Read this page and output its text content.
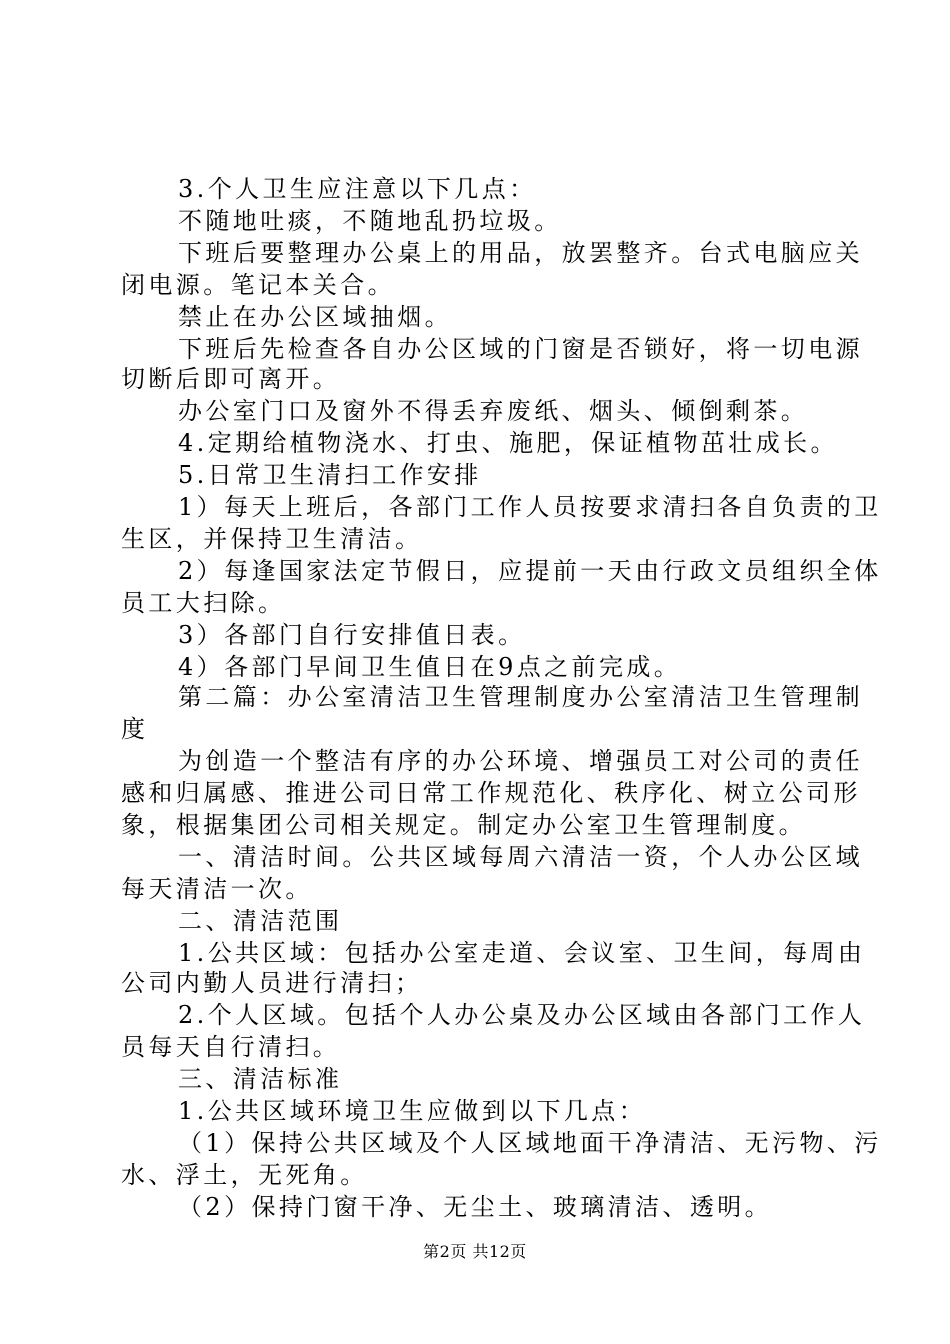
3.个人卫生应注意以下几点：
不随地吐痰，不随地乱扔垃圾。
下班后要整理办公桌上的用品，放罢整齐。台式电脑应关
闭电源。笔记本关合。
禁止在办公区域抽烟。
下班后先检查各自办公区域的门窗是否锁好，将一切电源
切断后即可离开。
办公室门口及窗外不得丢弃废纸、烟头、倾倒剩茶。
4.定期给植物浇水、打虫、施肥，保证植物茁壮成长。
5.日常卫生清扫工作安排
1）每天上班后，各部门工作人员按要求清扫各自负责的卫
生区，并保持卫生清洁。
2）每逢国家法定节假日，应提前一天由行政文员组织全体
员工大扫除。
3）各部门自行安排值日表。
4）各部门早间卫生值日在9点之前完成。
第二篇：办公室清洁卫生管理制度办公室清洁卫生管理制
度
为创造一个整洁有序的办公环境、增强员工对公司的责任
感和归属感、推进公司日常工作规范化、秩序化、树立公司形
象，根据集团公司相关规定。制定办公室卫生管理制度。
一、清洁时间。公共区域每周六清洁一资，个人办公区域
每天清洁一次。
二、清洁范围
1.公共区域：包括办公室走道、会议室、卫生间，每周由
公司内勤人员进行清扫；
2.个人区域。包括个人办公桌及办公区域由各部门工作人
员每天自行清扫。
三、清洁标准
1.公共区域环境卫生应做到以下几点：
（1）保持公共区域及个人区域地面干净清洁、无污物、污
水、浮土，无死角。
（2）保持门窗干净、无尘土、玻璃清洁、透明。
第2页 共12页
